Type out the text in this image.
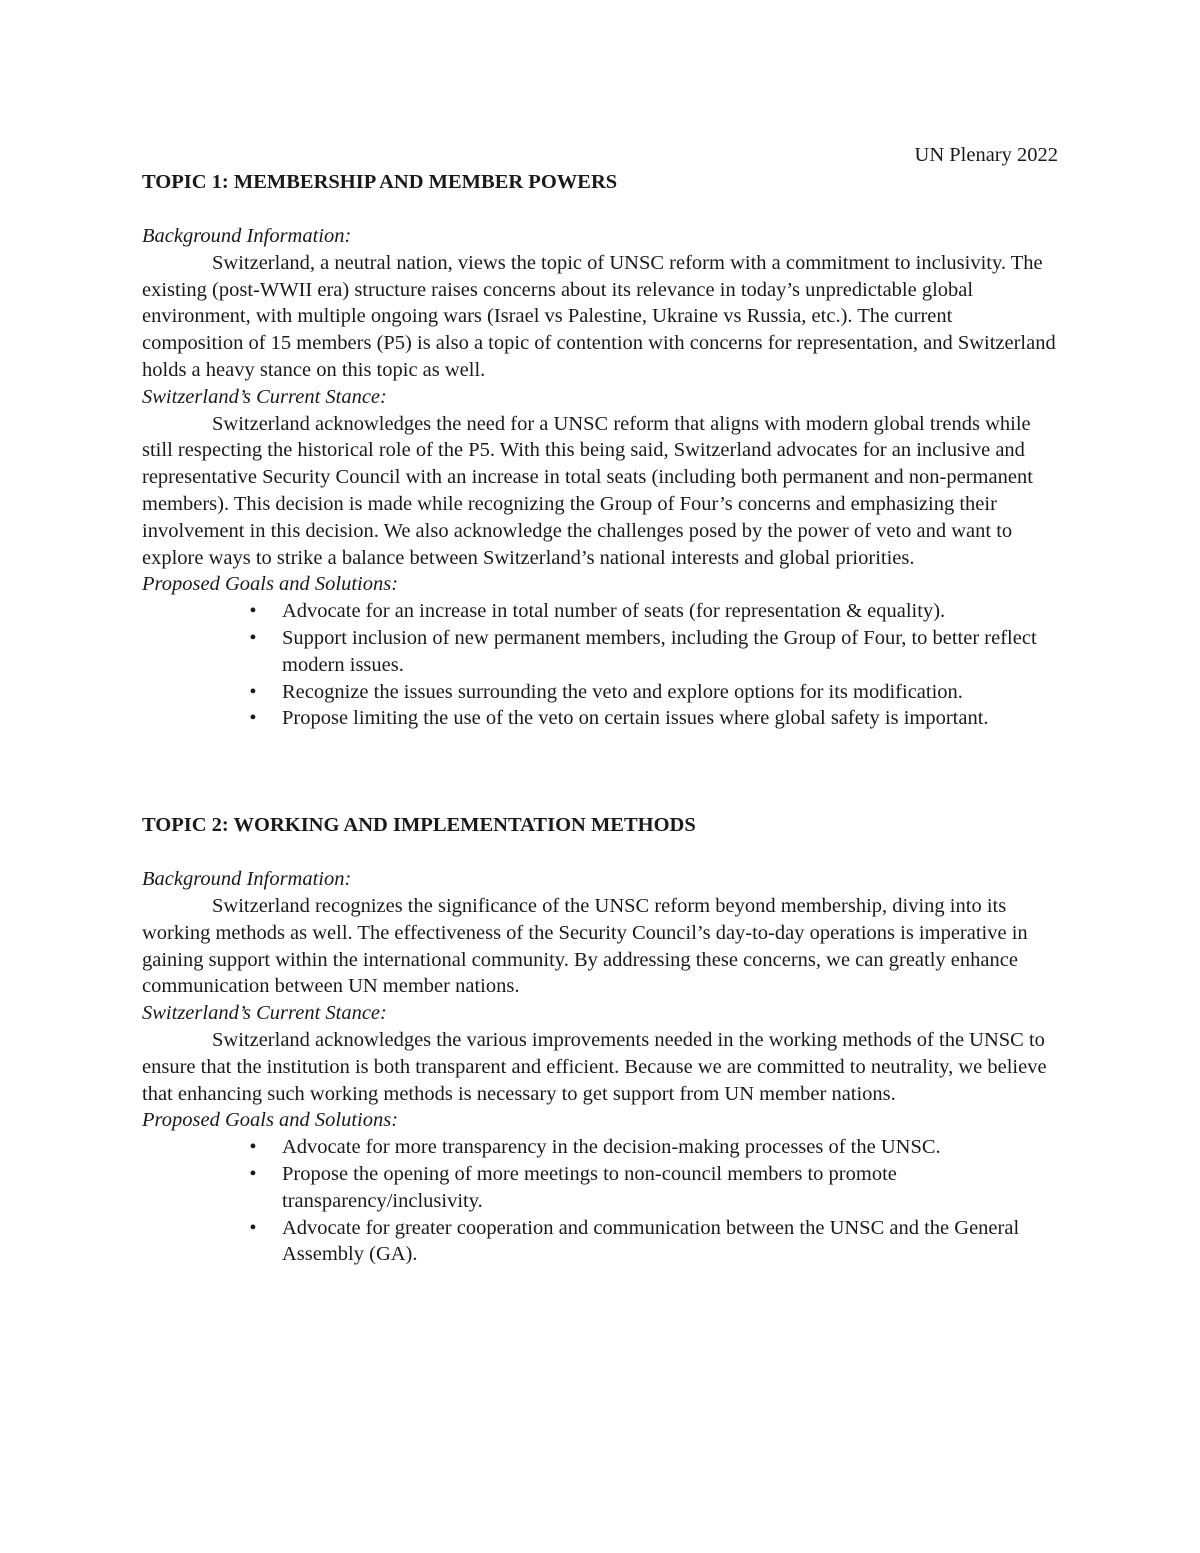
UN Plenary 2022
TOPIC 1: MEMBERSHIP AND MEMBER POWERS
Background Information:

Switzerland, a neutral nation, views the topic of UNSC reform with a commitment to inclusivity. The existing (post-WWII era) structure raises concerns about its relevance in today’s unpredictable global environment, with multiple ongoing wars (Israel vs Palestine, Ukraine vs Russia, etc.). The current composition of 15 members (P5) is also a topic of contention with concerns for representation, and Switzerland holds a heavy stance on this topic as well.

Switzerland’s Current Stance:

Switzerland acknowledges the need for a UNSC reform that aligns with modern global trends while still respecting the historical role of the P5. With this being said, Switzerland advocates for an inclusive and representative Security Council with an increase in total seats (including both permanent and non-permanent members). This decision is made while recognizing the Group of Four’s concerns and emphasizing their involvement in this decision. We also acknowledge the challenges posed by the power of veto and want to explore ways to strike a balance between Switzerland’s national interests and global priorities.

Proposed Goals and Solutions:
• Advocate for an increase in total number of seats (for representation & equality).
• Support inclusion of new permanent members, including the Group of Four, to better reflect modern issues.
• Recognize the issues surrounding the veto and explore options for its modification.
• Propose limiting the use of the veto on certain issues where global safety is important.
TOPIC 2: WORKING AND IMPLEMENTATION METHODS
Background Information:

Switzerland recognizes the significance of the UNSC reform beyond membership, diving into its working methods as well. The effectiveness of the Security Council’s day-to-day operations is imperative in gaining support within the international community. By addressing these concerns, we can greatly enhance communication between UN member nations.

Switzerland’s Current Stance:

Switzerland acknowledges the various improvements needed in the working methods of the UNSC to ensure that the institution is both transparent and efficient. Because we are committed to neutrality, we believe that enhancing such working methods is necessary to get support from UN member nations.

Proposed Goals and Solutions:
• Advocate for more transparency in the decision-making processes of the UNSC.
• Propose the opening of more meetings to non-council members to promote transparency/inclusivity.
• Advocate for greater cooperation and communication between the UNSC and the General Assembly (GA).
